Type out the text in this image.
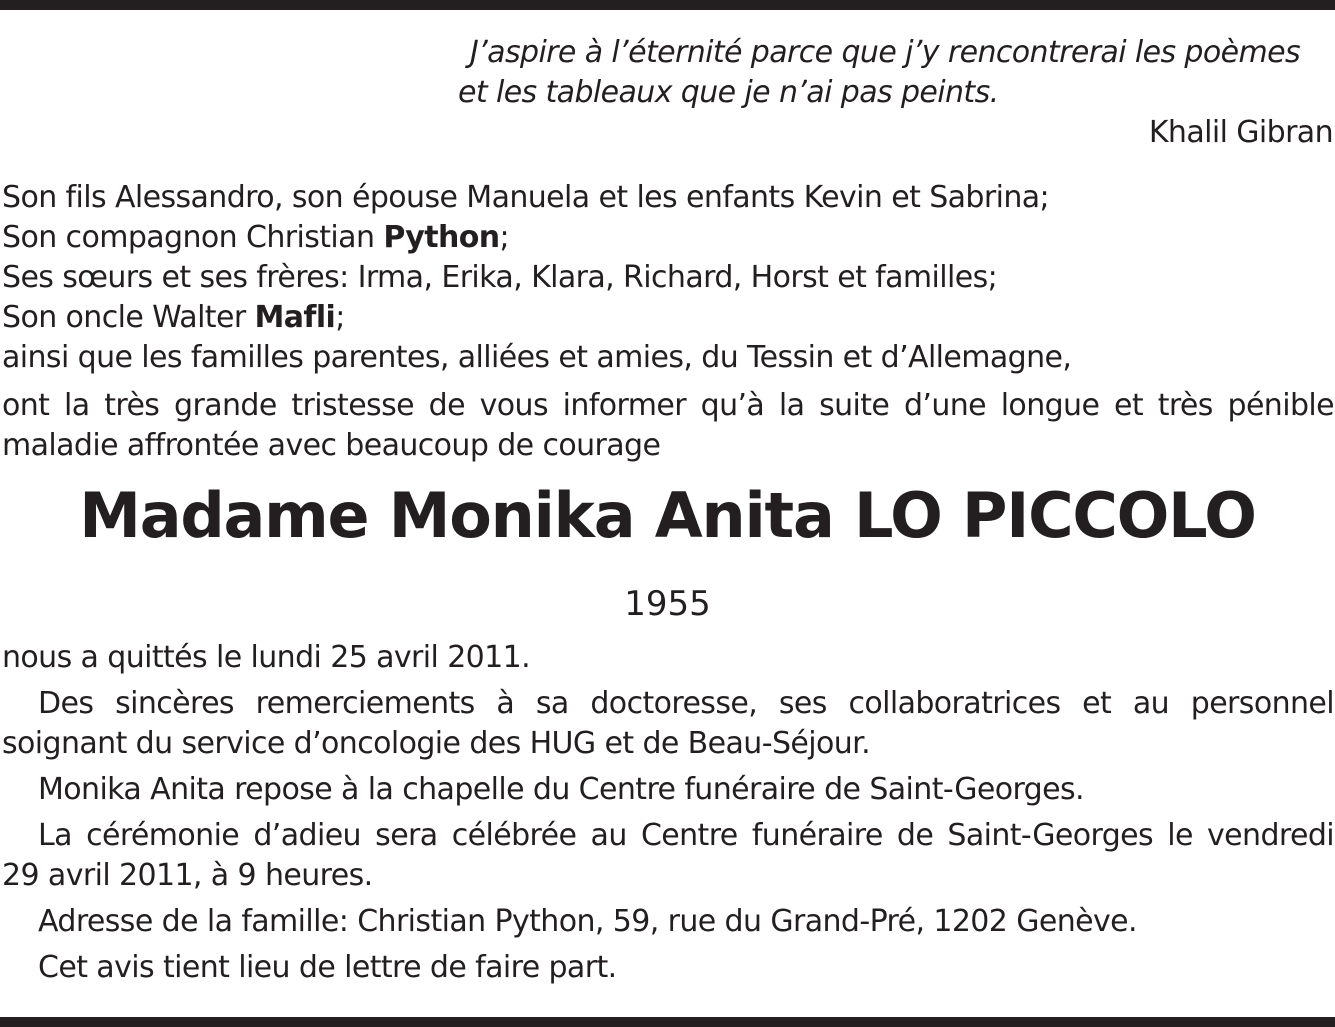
J’aspire à l’éternité parce que j’y rencontrerai les poèmes
et les tableaux que je n’ai pas peints.
Khalil Gibran
Son fils Alessandro, son épouse Manuela et les enfants Kevin et Sabrina;
Son compagnon Christian Python;
Ses sœurs et ses frères: Irma, Erika, Klara, Richard, Horst et familles;
Son oncle Walter Mafli;
ainsi que les familles parentes, alliées et amies, du Tessin et d’Allemagne,
ont la très grande tristesse de vous informer qu’à la suite d’une longue et très pénible
maladie affrontée avec beaucoup de courage
Madame Monika Anita LO PICCOLO
1955
nous a quittés le lundi 25 avril 2011.
Des sincères remerciements à sa doctoresse, ses collaboratrices et au personnel
soignant du service d’oncologie des HUG et de Beau-Séjour.
Monika Anita repose à la chapelle du Centre funéraire de Saint-Georges.
La cérémonie d’adieu sera célébrée au Centre funéraire de Saint-Georges le vendredi
29 avril 2011, à 9 heures.
Adresse de la famille: Christian Python, 59, rue du Grand-Pré, 1202 Genève.
Cet avis tient lieu de lettre de faire part.
